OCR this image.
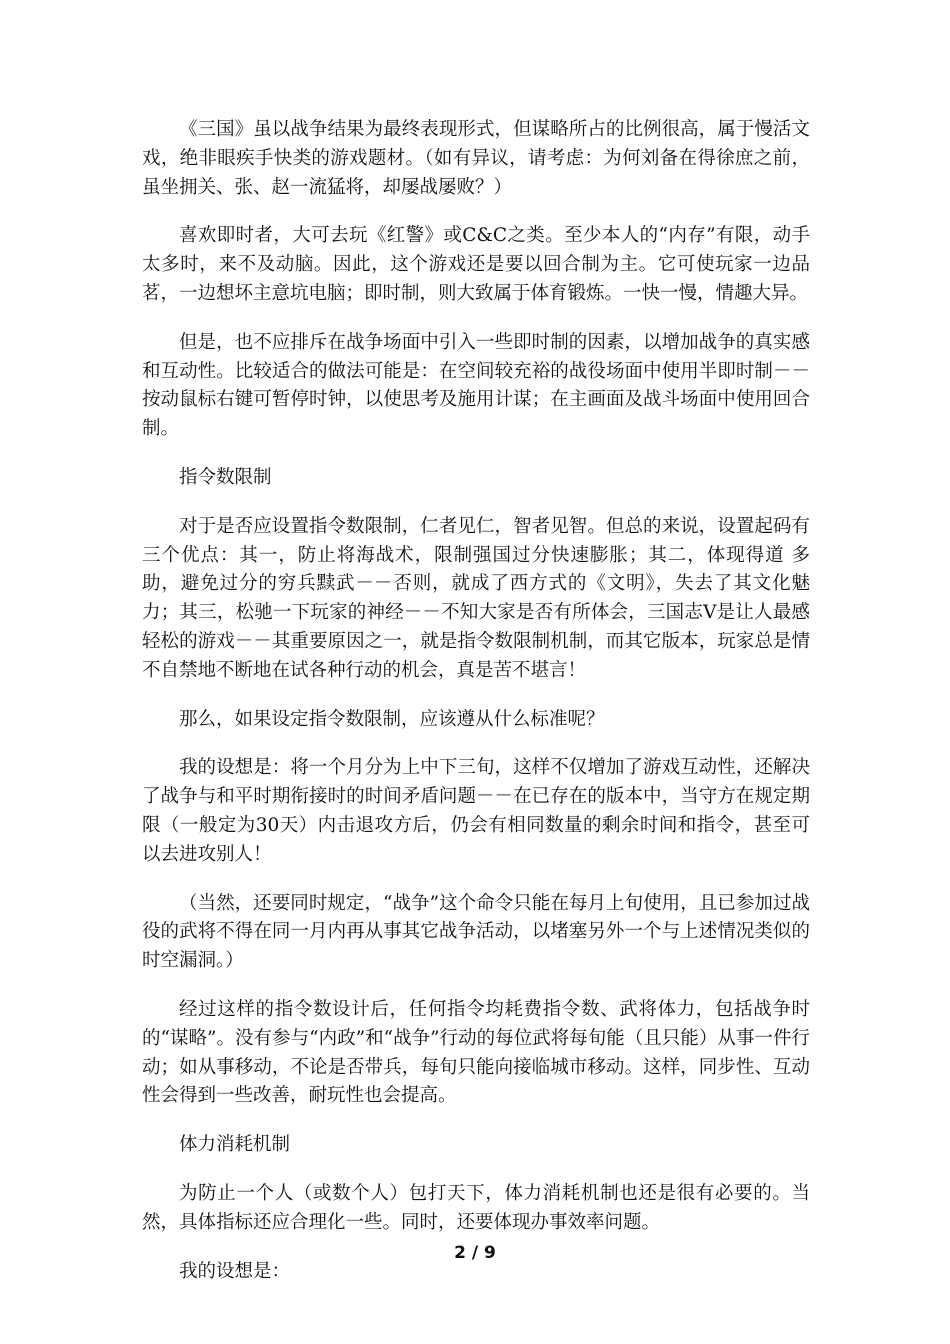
《三国》虽以战争结果为最终表现形式，但谋略所占的比例很高，属于慢活文戏，绝非眼疾手快类的游戏题材。（如有异议，请考虑：为何刘备在得徐庶之前，虽坐拥关、张、赵一流猛将，却屡战屡败？）

喜欢即时者，大可去玩《红警》或C&C之类。至少本人的“内存”有限，动手太多时，来不及动脑。因此，这个游戏还是要以回合制为主。它可使玩家一边品茗，一边想坏主意坑电脑；即时制，则大致属于体育锻炼。一快一慢，情趣大异。

但是，也不应排斥在战争场面中引入一些即时制的因素，以增加战争的真实感和互动性。比较适合的做法可能是：在空间较充裕的战役场面中使用半即时制－－按动鼠标右键可暂停时钟，以使思考及施用计谋；在主画面及战斗场面中使用回合制。

指令数限制

对于是否应设置指令数限制，仁者见仁，智者见智。但总的来说，设置起码有三个优点：其一，防止将海战术，限制强国过分快速膨胀；其二，体现得道 多助，避免过分的穷兵黩武－－否则，就成了西方式的《文明》，失去了其文化魅力；其三，松驰一下玩家的神经－－不知大家是否有所体会，三国志Ⅴ是让人最感 轻松的游戏－－其重要原因之一，就是指令数限制机制，而其它版本，玩家总是情不自禁地不断地在试各种行动的机会，真是苦不堪言！

那么，如果设定指令数限制，应该遵从什么标准呢？

我的设想是：将一个月分为上中下三旬，这样不仅增加了游戏互动性，还解决了战争与和平时期衔接时的时间矛盾问题－－在已存在的版本中，当守方在规定期限（一般定为30天）内击退攻方后，仍会有相同数量的剩余时间和指令，甚至可以去进攻别人！

（当然，还要同时规定，“战争”这个命令只能在每月上旬使用，且已参加过战役的武将不得在同一月内再从事其它战争活动，以堵塞另外一个与上述情况类似的时空漏洞。）

经过这样的指令数设计后，任何指令均耗费指令数、武将体力，包括战争时的“谋略”。没有参与“内政”和“战争”行动的每位武将每旬能（且只能）从事一件行动；如从事移动，不论是否带兵，每旬只能向接临城市移动。这样，同步性、互动性会得到一些改善，耐玩性也会提高。

体力消耗机制

为防止一个人（或数个人）包打天下，体力消耗机制也还是很有必要的。当然，具体指标还应合理化一些。同时，还要体现办事效率问题。

我的设想是：

2 / 9
